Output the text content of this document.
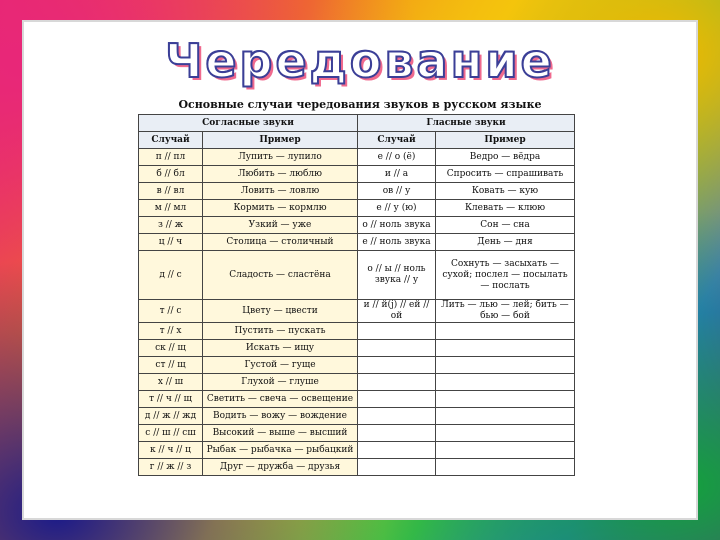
Чередование
Основные случаи чередования звуков в русском языке
Согласные звуки		Гласные звуки	
Случай	Пример	Случай	Пример
п // пл	Лупить — лупило	е // о (ё)	Ведро — вёдра
б // бл	Любить — люблю	и // а	Спросить — спрашивать
в // вл	Ловить — ловлю	ов // у	Ковать — кую
м // мл	Кормить — кормлю	е // у (ю)	Клевать — клюю
з // ж	Узкий — уже	о // ноль звука	Сон — сна
ц // ч	Столица — столичный	е // ноль звука	День — дня
д // с	Сладость — сластёна	о // ы // ноль звука // у	Сохнуть — засыхать — сухой; послел — посылать — послать
т // с	Цвету — цвести	и // й(j) // ей // ой	Лить — лью — лей; бить — бью — бой
т // х	Пустить — пускать		
ск // щ	Искать — ищу		
ст // щ	Густой — гуще		
х // ш	Глухой — глуше		
т // ч // щ	Светить — свеча — освещение		
д // ж // жд	Водить — вожу — вождение		
с // ш // сш	Высокий — выше — высший		
к // ч // ц	Рыбак — рыбачка — рыбацкий		
г // ж // з	Друг — дружба — друзья		
